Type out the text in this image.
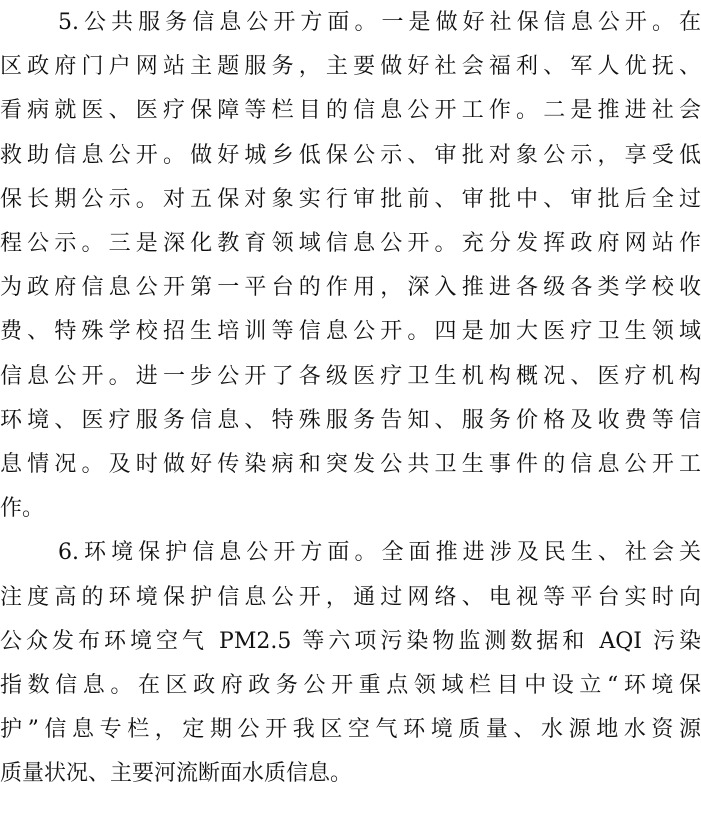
5.公共服务信息公开方面。一是做好社保信息公开。在
区政府门户网站主题服务，主要做好社会福利、军人优抚、
看病就医、医疗保障等栏目的信息公开工作。二是推进社会
救助信息公开。做好城乡低保公示、审批对象公示，享受低
保长期公示。对五保对象实行审批前、审批中、审批后全过
程公示。三是深化教育领域信息公开。充分发挥政府网站作
为政府信息公开第一平台的作用，深入推进各级各类学校收
费、特殊学校招生培训等信息公开。四是加大医疗卫生领域
信息公开。进一步公开了各级医疗卫生机构概况、医疗机构
环境、医疗服务信息、特殊服务告知、服务价格及收费等信
息情况。及时做好传染病和突发公共卫生事件的信息公开工
作。
6.环境保护信息公开方面。全面推进涉及民生、社会关
注度高的环境保护信息公开，通过网络、电视等平台实时向
公众发布环境空气 PM2.5 等六项污染物监测数据和 AQI 污染
指数信息。在区政府政务公开重点领域栏目中设立“环境保
护”信息专栏，定期公开我区空气环境质量、水源地水资源
质量状况、主要河流断面水质信息。
